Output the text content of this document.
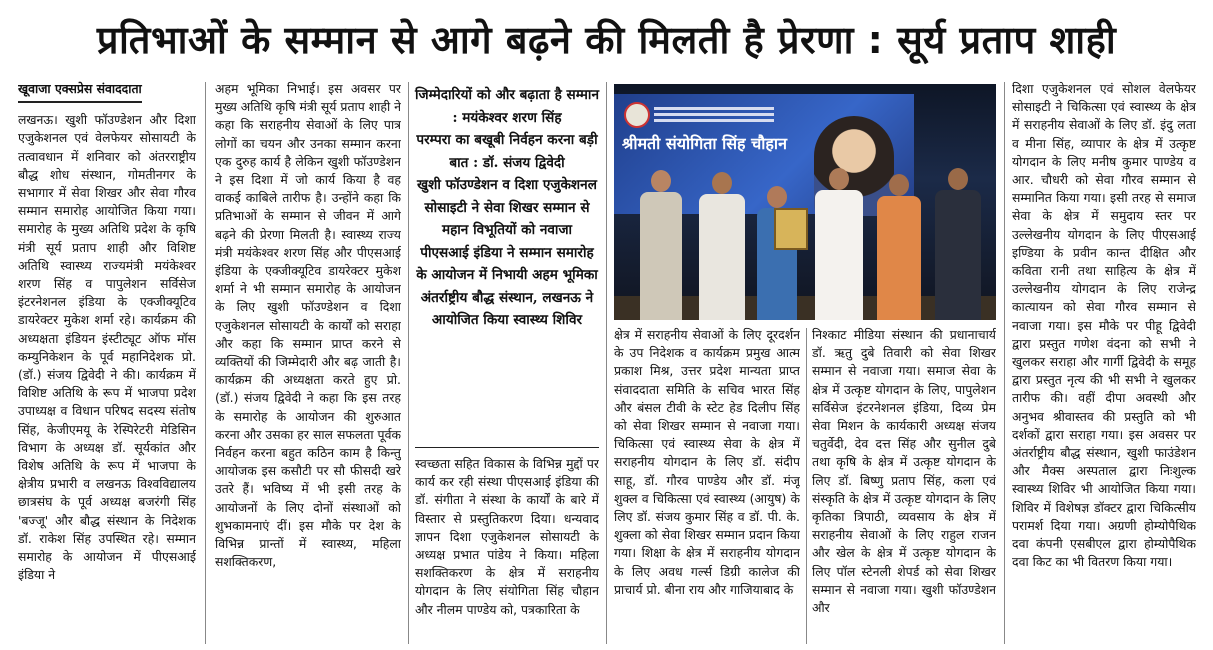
प्रतिभाओं के सम्मान से आगे बढ़ने की मिलती है प्रेरणा : सूर्य प्रताप शाही

खूवाजा एक्सप्रेस संवाददाता

लखनऊ। खुशी फॉउण्डेशन और दिशा एजुकेशनल एवं वेलफेयर सोसायटी के तत्वावधान में शनिवार को अंतरराष्ट्रीय बौद्ध शोध संस्थान, गोमतीनगर के सभागार में सेवा शिखर और सेवा गौरव सम्मान समारोह आयोजित किया गया। समारोह के मुख्य अतिथि प्रदेश के कृषि मंत्री सूर्य प्रताप शाही और विशिष्ट अतिथि स्वास्थ्य राज्यमंत्री मयंकेश्वर शरण सिंह व पापुलेशन सर्विसेज इंटरनेशनल इंडिया के एक्जीक्यूटिव डायरेक्टर मुकेश शर्मा रहे। कार्यक्रम की अध्यक्षता इंडियन इंस्टीट्यूट ऑफ मॉस कम्युनिकेशन के पूर्व महानिदेशक प्रो.(डॉ.) संजय द्विवेदी ने की। कार्यक्रम में विशिष्ट अतिथि के रूप में भाजपा प्रदेश उपाध्यक्ष व विधान परिषद सदस्य संतोष सिंह, केजीएमयू के रेस्पिरेटरी मेडिसिन विभाग के अध्यक्ष डॉ. सूर्यकांत और विशेष अतिथि के रूप में भाजपा के क्षेत्रीय प्रभारी व लखनऊ विश्वविद्यालय छात्रसंघ के पूर्व अध्यक्ष बजरंगी सिंह 'बज्जू' और बौद्ध संस्थान के निदेशक डॉ. राकेश सिंह उपस्थित रहे। सम्मान समारोह के आयोजन में पीएसआई इंडिया ने

अहम भूमिका निभाई। इस अवसर पर मुख्य अतिथि कृषि मंत्री सूर्य प्रताप शाही ने कहा कि सराहनीय सेवाओं के लिए पात्र लोगों का चयन और उनका सम्मान करना एक दुरुह कार्य है लेकिन खुशी फॉउण्डेशन ने इस दिशा में जो कार्य किया है वह वाकई काबिले तारीफ है। उन्होंने कहा कि प्रतिभाओं के सम्मान से जीवन में आगे बढ़ने की प्रेरणा मिलती है। स्वास्थ्य राज्य मंत्री मयंकेश्वर शरण सिंह और पीएसआई इंडिया के एक्जीक्यूटिव डायरेक्टर मुकेश शर्मा ने भी सम्मान समारोह के आयोजन के लिए खुशी फॉउण्डेशन व दिशा एजुकेशनल सोसायटी के कार्यों को सराहा और कहा कि सम्मान प्राप्त करने से व्यक्तियों की जिम्मेदारी और बढ़ जाती है। कार्यक्रम की अध्यक्षता करते हुए प्रो. (डॉ.) संजय द्विवेदी ने कहा कि इस तरह के समारोह के आयोजन की शुरुआत करना और उसका हर साल सफलता पूर्वक निर्वहन करना बहुत कठिन काम है किन्तु आयोजक इस कसौटी पर सौ फीसदी खरे उतरे हैं। भविष्य में भी इसी तरह के आयोजनों के लिए दोनों संस्थाओं को शुभकामनाएं दीं। इस मौके पर देश के विभिन्न प्रान्तों में स्वास्थ्य, महिला सशक्तिकरण,

जिम्मेदारियों को और बढ़ाता है सम्मान : मयंकेश्वर शरण सिंह

परम्परा का बखूबी निर्वहन करना बड़ी बात : डॉ. संजय द्विवेदी

खुशी फॉउण्डेशन व दिशा एजुकेशनल सोसाइटी ने सेवा शिखर सम्मान से महान विभूतियों को नवाजा

पीएसआई इंडिया ने सम्मान समारोह के आयोजन में निभायी अहम भूमिका

अंतर्राष्ट्रीय बौद्ध संस्थान, लखनऊ ने आयोजित किया स्वास्थ्य शिविर

स्वच्छता सहित विकास के विभिन्न मुद्दों पर कार्य कर रही संस्था पीएसआई इंडिया की डॉ. संगीता ने संस्था के कार्यों के बारे में विस्तार से प्रस्तुतिकरण दिया। धन्यवाद ज्ञापन दिशा एजुकेशनल सोसायटी के अध्यक्ष प्रभात पांडेय ने किया। महिला सशक्तिकरण के क्षेत्र में सराहनीय योगदान के लिए संयोगिता सिंह चौहान और नीलम पाण्डेय को, पत्रकारिता के

श्रीमती संयोगिता सिंह चौहान

क्षेत्र में सराहनीय सेवाओं के लिए दूरदर्शन के उप निदेशक व कार्यक्रम प्रमुख आत्म प्रकाश मिश्र, उत्तर प्रदेश मान्यता प्राप्त संवाददाता समिति के सचिव भारत सिंह और बंसल टीवी के स्टेट हेड दिलीप सिंह को सेवा शिखर सम्मान से नवाजा गया। चिकित्सा एवं स्वास्थ्य सेवा के क्षेत्र में सराहनीय योगदान के लिए डॉ. संदीप साहू, डॉ. गौरव पाण्डेय और डॉ. मंजू शुक्ल व चिकित्सा एवं स्वास्थ्य (आयुष) के लिए डॉ. संजय कुमार सिंह व डॉ. पी. के. शुक्ला को सेवा शिखर सम्मान प्रदान किया गया। शिक्षा के क्षेत्र में सराहनीय योगदान के लिए अवध गर्ल्स डिग्री कालेज की प्राचार्य प्रो. बीना राय और गाजियाबाद के

निश्काट मीडिया संस्थान की प्रधानाचार्य डॉ. ऋतु दुबे तिवारी को सेवा शिखर सम्मान से नवाजा गया। समाज सेवा के क्षेत्र में उत्कृष्ट योगदान के लिए, पापुलेशन सर्विसेज इंटरनेशनल इंडिया, दिव्य प्रेम सेवा मिशन के कार्यकारी अध्यक्ष संजय चतुर्वेदी, देव दत्त सिंह और सुनील दुबे तथा कृषि के क्षेत्र में उत्कृष्ट योगदान के लिए डॉ. बिष्णु प्रताप सिंह, कला एवं संस्कृति के क्षेत्र में उत्कृष्ट योगदान के लिए कृतिका त्रिपाठी, व्यवसाय के क्षेत्र में सराहनीय सेवाओं के लिए राहुल राजन और खेल के क्षेत्र में उत्कृष्ट योगदान के लिए पॉल स्टेनली शेपर्ड को सेवा शिखर सम्मान से नवाजा गया। खुशी फॉउण्डेशन और

दिशा एजुकेशनल एवं सोशल वेलफेयर सोसाइटी ने चिकित्सा एवं स्वास्थ्य के क्षेत्र में सराहनीय सेवाओं के लिए डॉ. इंदु लता व मीना सिंह, व्यापार के क्षेत्र में उत्कृष्ट योगदान के लिए मनीष कुमार पाण्डेय व आर. चौधरी को सेवा गौरव सम्मान से सम्मानित किया गया। इसी तरह से समाज सेवा के क्षेत्र में समुदाय स्तर पर उल्लेखनीय योगदान के लिए पीएसआई इण्डिया के प्रवीन कान्त दीक्षित और कविता रानी तथा साहित्य के क्षेत्र में उल्लेखनीय योगदान के लिए राजेन्द्र कात्यायन को सेवा गौरव सम्मान से नवाजा गया। इस मौके पर पीहू द्विवेदी द्वारा प्रस्तुत गणेश वंदना को सभी ने खुलकर सराहा और गार्गी द्विवेदी के समूह द्वारा प्रस्तुत नृत्य की भी सभी ने खुलकर तारीफ की। वहीं दीपा अवस्थी और अनुभव श्रीवास्तव की प्रस्तुति को भी दर्शकों द्वारा सराहा गया। इस अवसर पर अंतर्राष्ट्रीय बौद्ध संस्थान, खुशी फाउंडेशन और मैक्स अस्पताल द्वारा निःशुल्क स्वास्थ्य शिविर भी आयोजित किया गया। शिविर में विशेषज्ञ डॉक्टर द्वारा चिकित्सीय परामर्श दिया गया। अग्रणी होम्योपैथिक दवा कंपनी एसबीएल द्वारा होम्योपैथिक दवा किट का भी वितरण किया गया।
